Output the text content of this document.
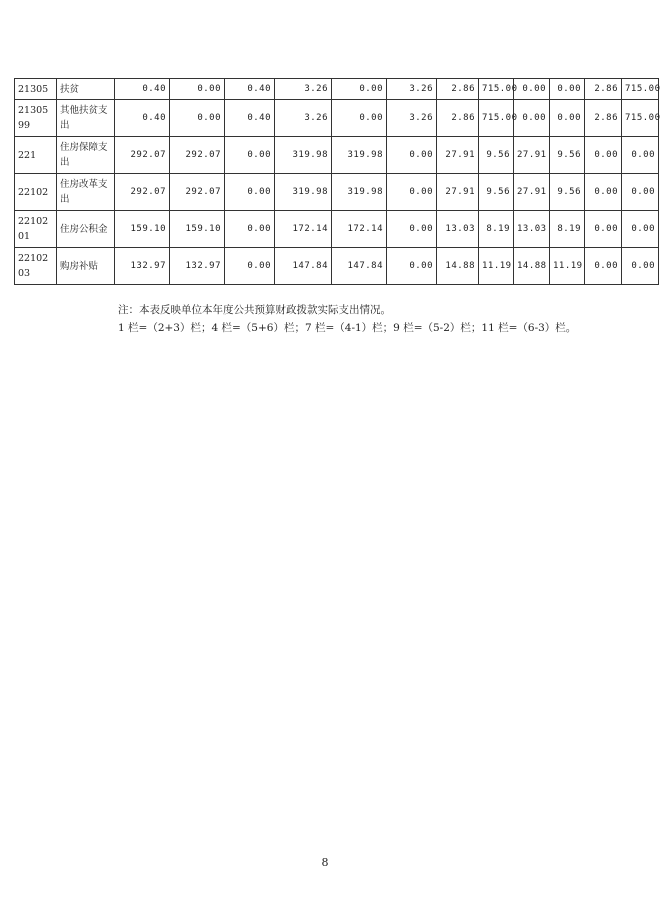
21305	扶贫	0.40	0.00	0.40	3.26	0.00	3.26	2.86	715.00	0.00	0.00	2.86	715.00
2130599	其他扶贫支出	0.40	0.00	0.40	3.26	0.00	3.26	2.86	715.00	0.00	0.00	2.86	715.00
221	住房保障支出	292.07	292.07	0.00	319.98	319.98	0.00	27.91	9.56	27.91	9.56	0.00	0.00
22102	住房改革支出	292.07	292.07	0.00	319.98	319.98	0.00	27.91	9.56	27.91	9.56	0.00	0.00
2210201	住房公积金	159.10	159.10	0.00	172.14	172.14	0.00	13.03	8.19	13.03	8.19	0.00	0.00
2210203	购房补贴	132.97	132.97	0.00	147.84	147.84	0.00	14.88	11.19	14.88	11.19	0.00	0.00
注：本表反映单位本年度公共预算财政拨款实际支出情况。
1 栏=（2+3）栏；4 栏=（5+6）栏；7 栏=（4-1）栏；9 栏=（5-2）栏；11 栏=（6-3）栏。
8
